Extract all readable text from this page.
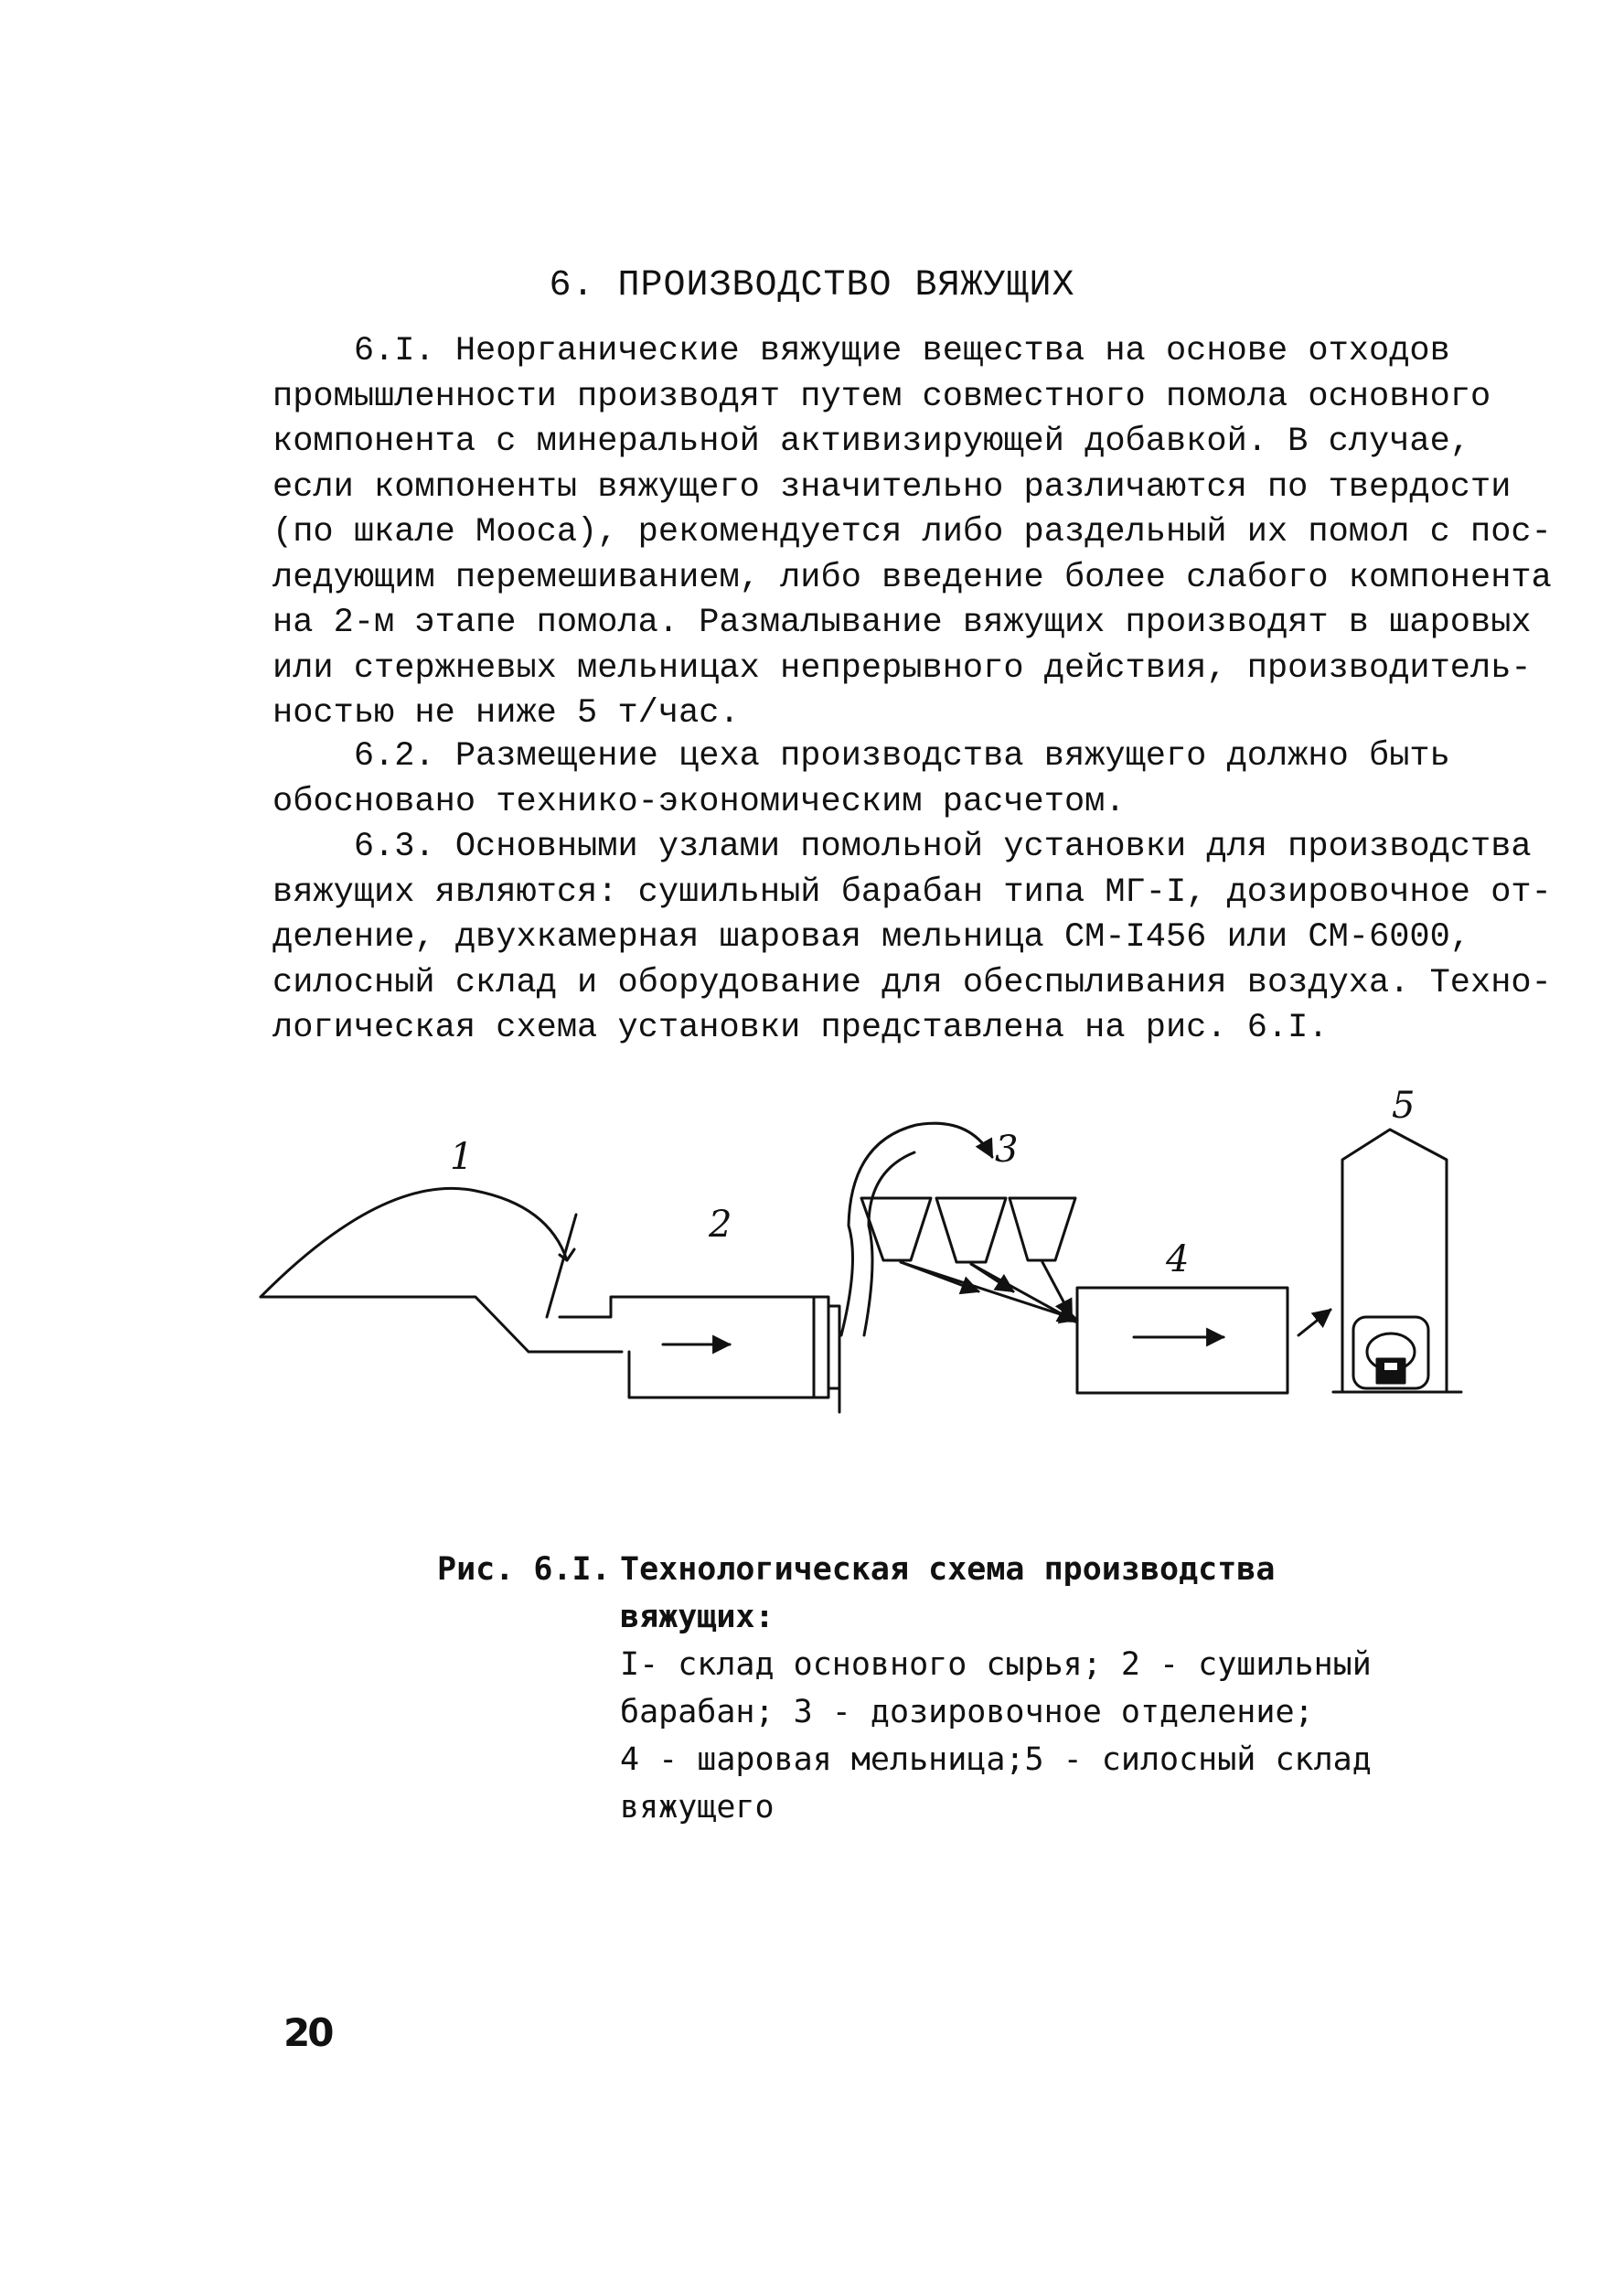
6. ПРОИЗВОДСТВО ВЯЖУЩИХ
6.I. Неорганические вяжущие вещества на основе отходов
промышленности производят путем совместного помола основного
компонента с минеральной активизирующей добавкой. В случае,
если компоненты вяжущего значительно различаются по твердости
(по шкале Мооса), рекомендуется либо раздельный их помол с пос-
ледующим перемешиванием, либо введение более слабого компонента
на 2-м этапе помола. Размалывание вяжущих производят в шаровых
или стержневых мельницах непрерывного действия, производитель-
ностью не ниже 5 т/час.
6.2. Размещение цеха производства вяжущего должно быть
обосновано технико-экономическим расчетом.
6.3. Основными узлами помольной установки для производства
вяжущих являются: сушильный барабан типа МГ-I, дозировочное от-
деление, двухкамерная шаровая мельница СМ-I456 или СМ-6000,
силосный склад и оборудование для обеспыливания воздуха. Техно-
логическая схема установки представлена на рис. 6.I.
1
2
3
4
5
Рис. 6.I. Технологическая схема производства
вяжущих:
I- склад основного сырья; 2 - сушильный
барабан; 3 - дозировочное отделение;
4 - шаровая мельница;5 - силосный склад
вяжущего
20
